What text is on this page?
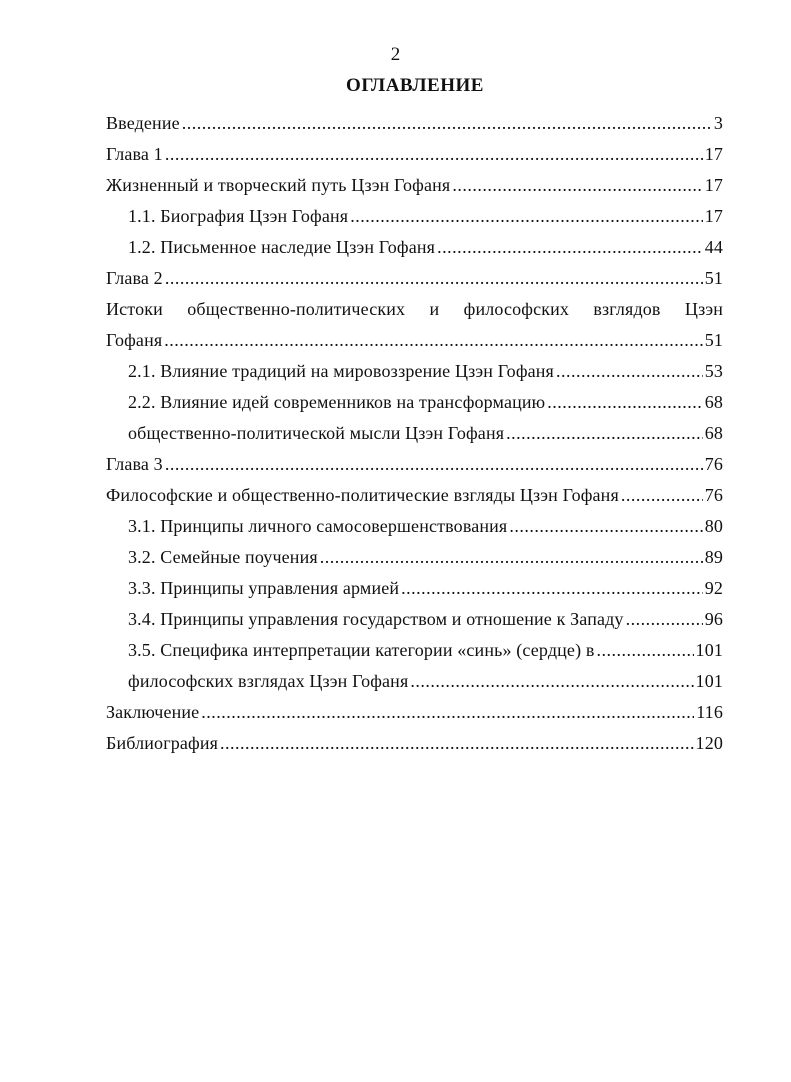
2
ОГЛАВЛЕНИЕ
Введение .....	3
Глава 1 .....	17
Жизненный и творческий путь Цзэн Гофаня .....	17
1.1. Биография Цзэн Гофаня .....	17
1.2. Письменное наследие Цзэн Гофаня .....	44
Глава 2 .....	51
Истоки общественно-политических и философских взглядов Цзэн
Гофаня .....	51
2.1. Влияние традиций на мировоззрение Цзэн Гофаня .....	53
2.2. Влияние идей современников на трансформацию .....	68
общественно-политической мысли Цзэн Гофаня .....	68
Глава 3 .....	76
Философские и общественно-политические взгляды Цзэн Гофаня .....	76
3.1. Принципы личного самосовершенствования .....	80
3.2. Семейные поучения .....	89
3.3. Принципы управления армией .....	92
3.4. Принципы управления государством и отношение к Западу .....	96
3.5. Специфика интерпретации категории «синь» (сердце) в .....	101
философских взглядах Цзэн Гофаня .....	101
Заключение .....	116
Библиография .....	120
